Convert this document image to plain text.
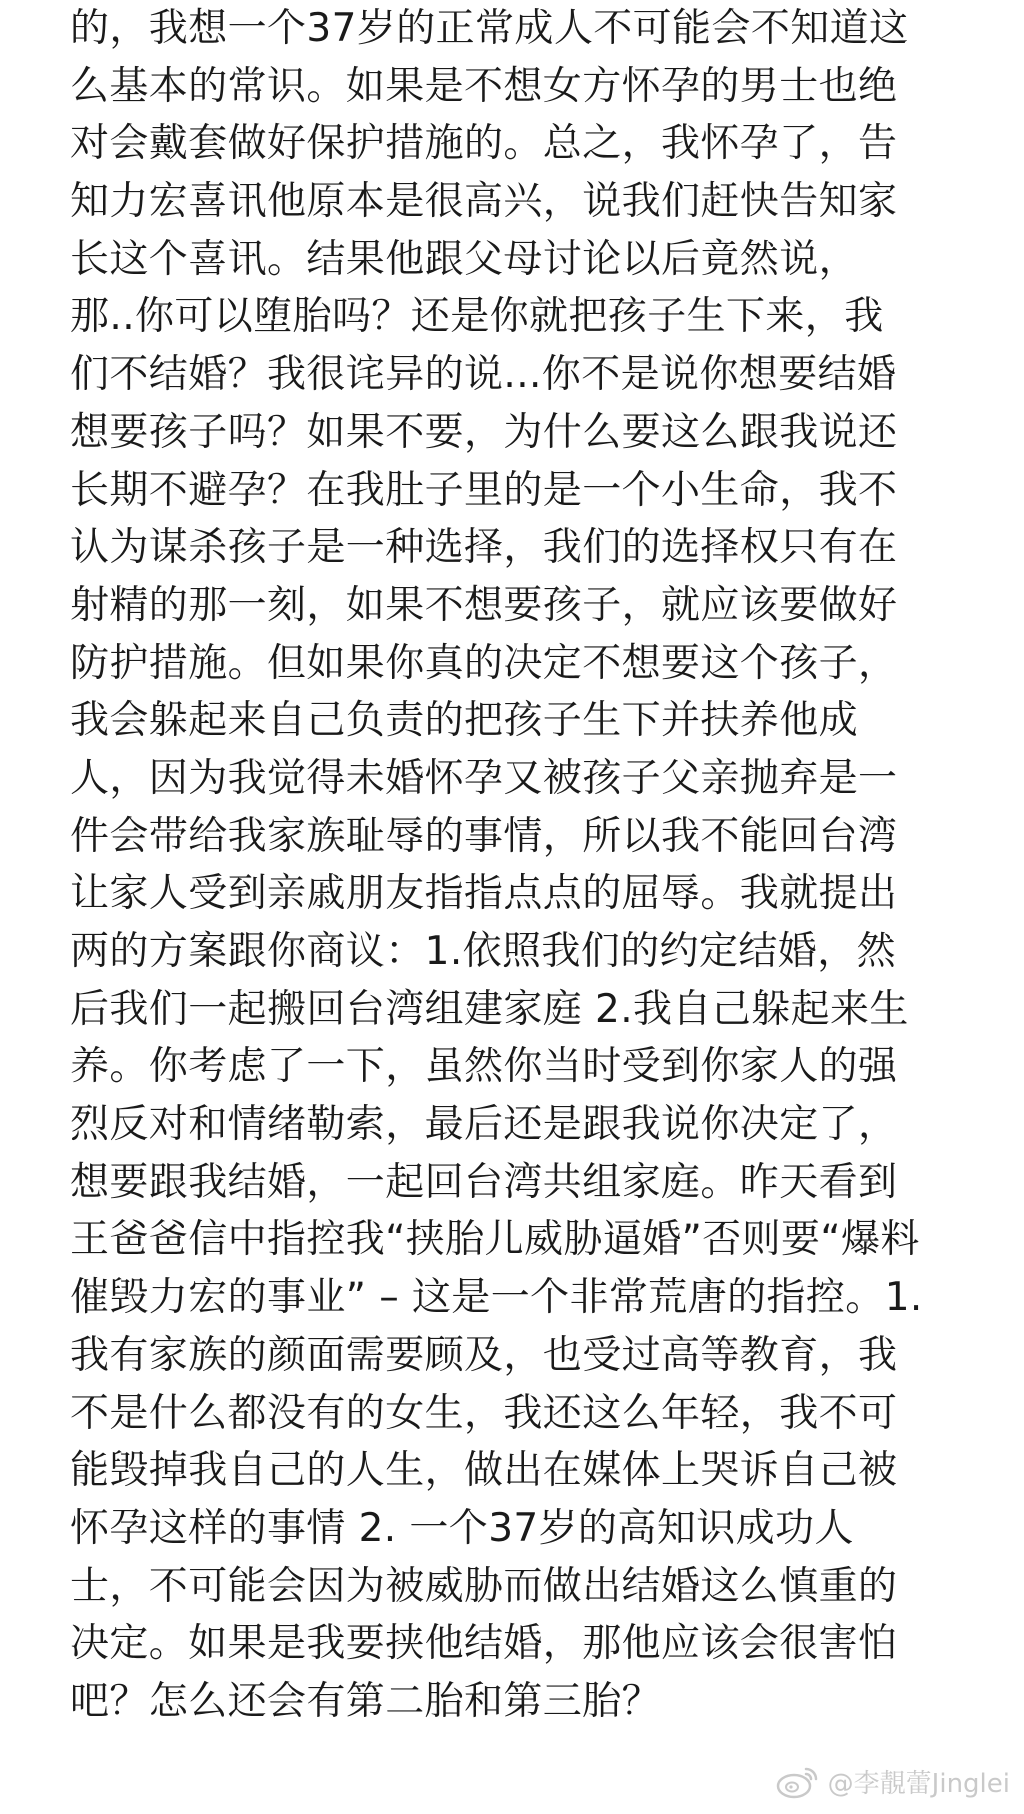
的，我想一个37岁的正常成人不可能会不知道这
么基本的常识。如果是不想女方怀孕的男士也绝
对会戴套做好保护措施的。总之，我怀孕了，告
知力宏喜讯他原本是很高兴，说我们赶快告知家
长这个喜讯。结果他跟父母讨论以后竟然说，
那..你可以堕胎吗？还是你就把孩子生下来，我
们不结婚？我很诧异的说...你不是说你想要结婚
想要孩子吗？如果不要，为什么要这么跟我说还
长期不避孕？在我肚子里的是一个小生命，我不
认为谋杀孩子是一种选择，我们的选择权只有在
射精的那一刻，如果不想要孩子，就应该要做好
防护措施。但如果你真的决定不想要这个孩子，
我会躲起来自己负责的把孩子生下并扶养他成
人，因为我觉得未婚怀孕又被孩子父亲抛弃是一
件会带给我家族耻辱的事情，所以我不能回台湾
让家人受到亲戚朋友指指点点的屈辱。我就提出
两的方案跟你商议：1.依照我们的约定结婚，然
后我们一起搬回台湾组建家庭 2.我自己躲起来生
养。你考虑了一下，虽然你当时受到你家人的强
烈反对和情绪勒索，最后还是跟我说你决定了，
想要跟我结婚，一起回台湾共组家庭。昨天看到
王爸爸信中指控我“挟胎儿威胁逼婚”否则要“爆料
催毁力宏的事业” – 这是一个非常荒唐的指控。1.
我有家族的颜面需要顾及，也受过高等教育，我
不是什么都没有的女生，我还这么年轻，我不可
能毁掉我自己的人生，做出在媒体上哭诉自己被
怀孕这样的事情 2. 一个37岁的高知识成功人
士，不可能会因为被威胁而做出结婚这么慎重的
决定。如果是我要挟他结婚，那他应该会很害怕
吧？怎么还会有第二胎和第三胎？
@李靚蕾Jinglei
